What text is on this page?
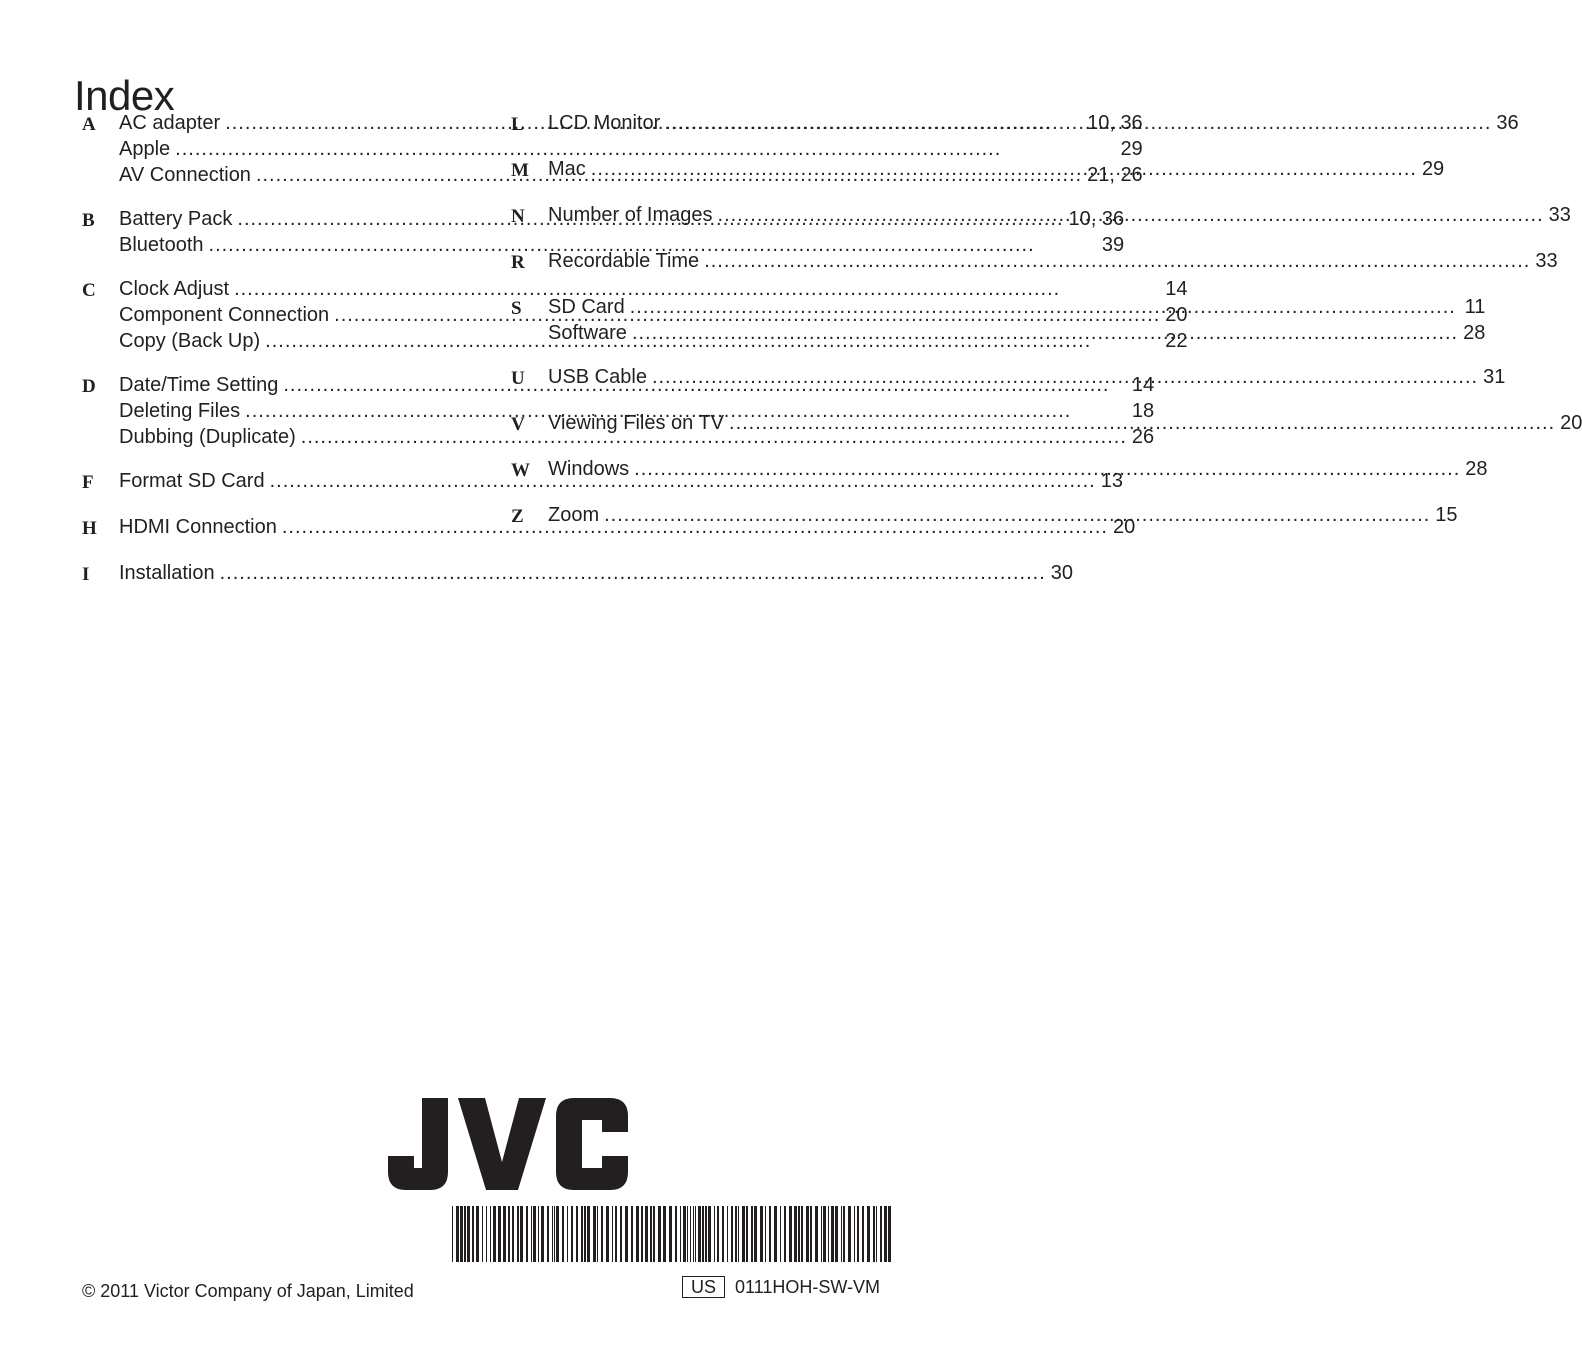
Index
A	AC adapter .....	10, 36
Apple .....	29
AV Connection .....	21, 26
B	Battery Pack .....	10, 36
Bluetooth .....	39
C	Clock Adjust .....	14
Component Connection .....	20
Copy (Back Up) .....	22
D	Date/Time Setting .....	14
Deleting Files .....	18
Dubbing (Duplicate) .....	26
F	Format SD Card .....	13
H	HDMI Connection .....	20
I	Installation .....	30
L	LCD Monitor .....	36
M Mac .....	29
N	Number of Images .....	33
R	Recordable Time .....	33
S	SD Card .....	11
Software .....	28
U	USB Cable .....	31
V	Viewing Files on TV .....	20
W Windows .....	28
Z	Zoom .....	15
© 2011 Victor Company of Japan, Limited	US	0111HOH-SW-VM
